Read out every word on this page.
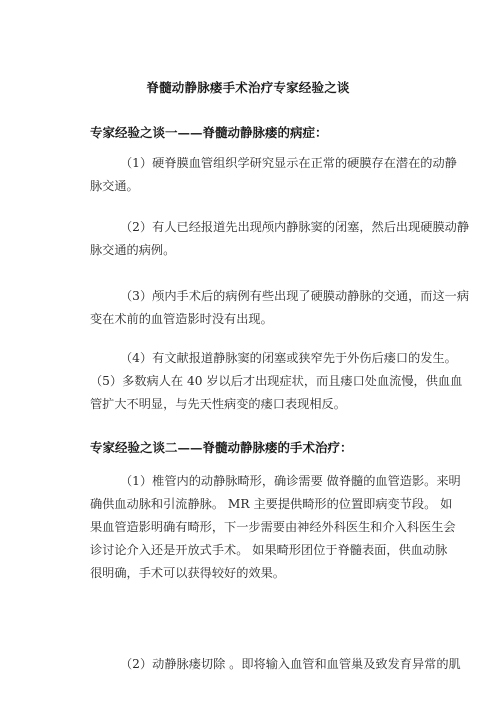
脊髓动静脉瘘手术治疗专家经验之谈
专家经验之谈一——脊髓动静脉瘘的病症：
（1）硬脊膜血管组织学研究显示在正常的硬膜存在潜在的动静
脉交通。
（2）有人已经报道先出现颅内静脉窦的闭塞，然后出现硬膜动静
脉交通的病例。
（3）颅内手术后的病例有些出现了硬膜动静脉的交通，而这一病
变在术前的血管造影时没有出现。
（4）有文献报道静脉窦的闭塞或狭窄先于外伤后瘘口的发生。
（5）多数病人在 40 岁以后才出现症状，而且瘘口处血流慢，供血血
管扩大不明显，与先天性病变的瘘口表现相反。
专家经验之谈二——脊髓动静脉瘘的手术治疗：
（1）椎管内的动静脉畸形，确诊需要 做脊髓的血管造影。来明
确供血动脉和引流静脉。 MR 主要提供畸形的位置即病变节段。 如
果血管造影明确有畸形，下一步需要由神经外科医生和介入科医生会
诊讨论介入还是开放式手术。 如果畸形团位于脊髓表面，供血动脉
很明确，手术可以获得较好的效果。
（2）动静脉瘘切除 。即将输入血管和血管巢及致发育异常的肌
